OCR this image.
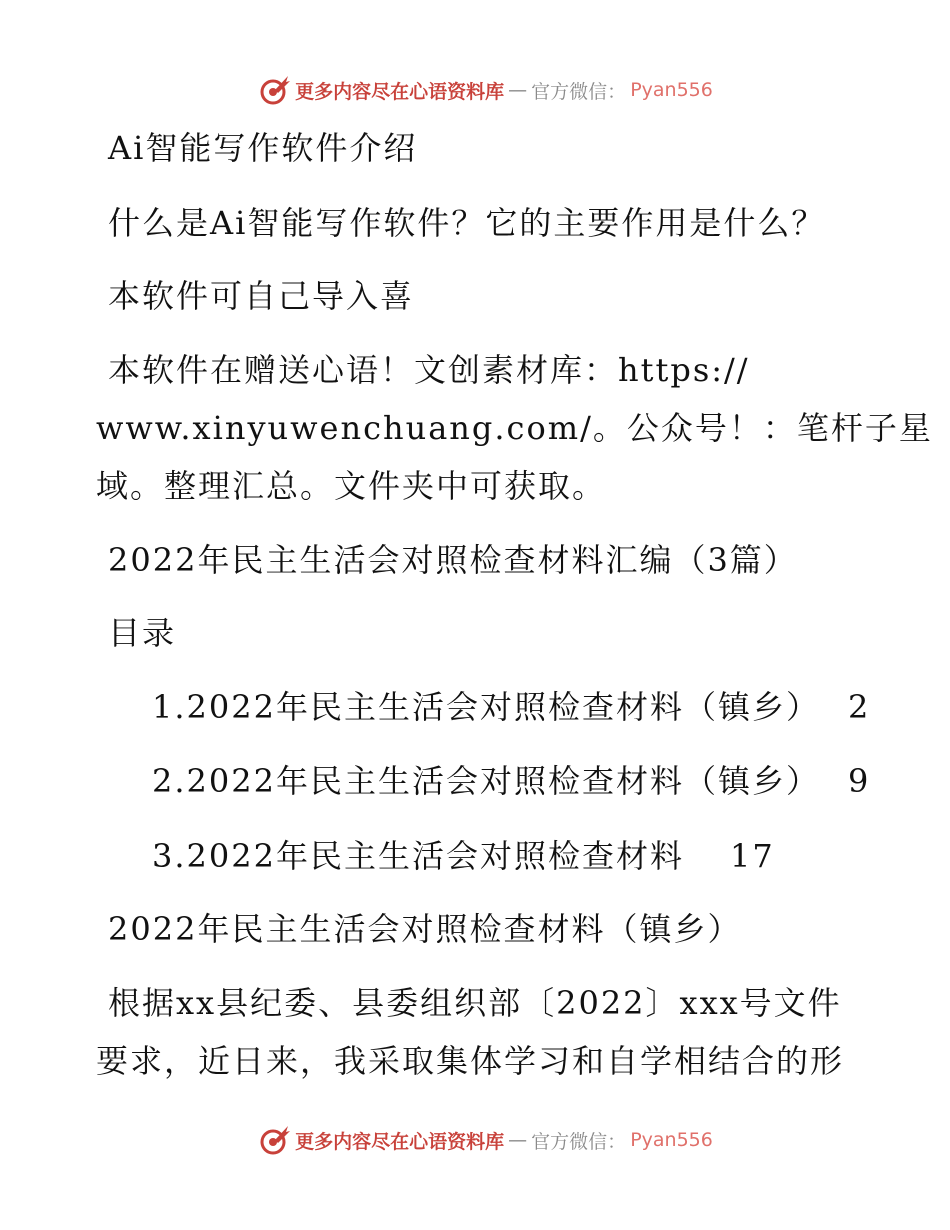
更多内容尽在心语资料库 — 官方微信： Pyan556
Ai智能写作软件介绍
什么是Ai智能写作软件？它的主要作用是什么？
本软件可自己导入喜
本软件在赠送心语！文创素材库：https://
www.xinyuwenchuang.com/。公众号！：笔杆子星
域。整理汇总。文件夹中可获取。
2022年民主生活会对照检查材料汇编（3篇）
目录
1.2022年民主生活会对照检查材料（镇乡） 2
2.2022年民主生活会对照检查材料（镇乡） 9
3.2022年民主生活会对照检查材料 17
2022年民主生活会对照检查材料（镇乡）
根据xx县纪委、县委组织部〔2022〕xxx号文件
要求，近日来，我采取集体学习和自学相结合的形
更多内容尽在心语资料库 — 官方微信： Pyan556
